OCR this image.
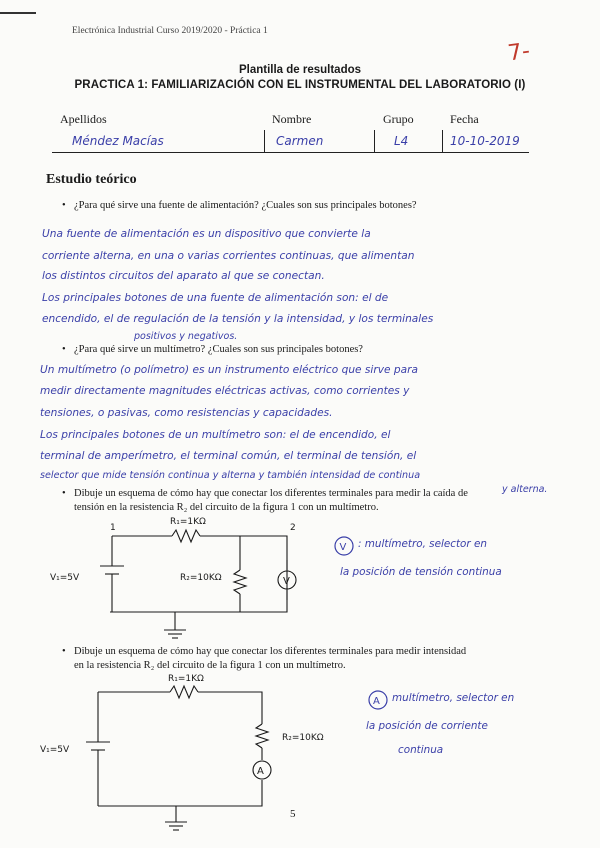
Electrónica Industrial Curso 2019/2020 - Práctica 1
7-
Plantilla de resultados
PRACTICA 1: FAMILIARIZACIÓN CON EL INSTRUMENTAL DEL LABORATORIO (I)
Apellidos	Nombre	Grupo	Fecha
Méndez Macías	Carmen	L4	10-10-2019
Estudio teórico
• ¿Para qué sirve una fuente de alimentación? ¿Cuales son sus principales botones?
Una fuente de alimentación es un dispositivo que convierte la
corriente alterna, en una o varias corrientes continuas, que alimentan
los distintos circuitos del aparato al que se conectan.
Los principales botones de una fuente de alimentación son: el de
encendido, el de regulación de la tensión y la intensidad, y los terminales
positivos y negativos.
• ¿Para qué sirve un multímetro? ¿Cuales son sus principales botones?
Un multímetro (o polímetro) es un instrumento eléctrico que sirve para
medir directamente magnitudes eléctricas activas, como corrientes y
tensiones, o pasivas, como resistencias y capacidades.
Los principales botones de un multímetro son: el de encendido, el
terminal de amperímetro, el terminal común, el terminal de tensión, el
selector que mide tensión continua y alterna y también intensidad de continua
y alterna.
• Dibuje un esquema de cómo hay que conectar los diferentes terminales para medir la caída de
tensión en la resistencia R₂ del circuito de la figura 1 con un multímetro.
• Dibuje un esquema de cómo hay que conectar los diferentes terminales para medir intensidad
en la resistencia R₂ del circuito de la figura 1 con un multímetro.
R₁=1KΩ
R₂=10KΩ
V₁=5V
1	2
V
R₁=1KΩ
R₂=10KΩ
V₁=5V
A
V
A
: multímetro, selector en
la posición de tensión continua
multímetro, selector en
la posición de corriente
continua
5
